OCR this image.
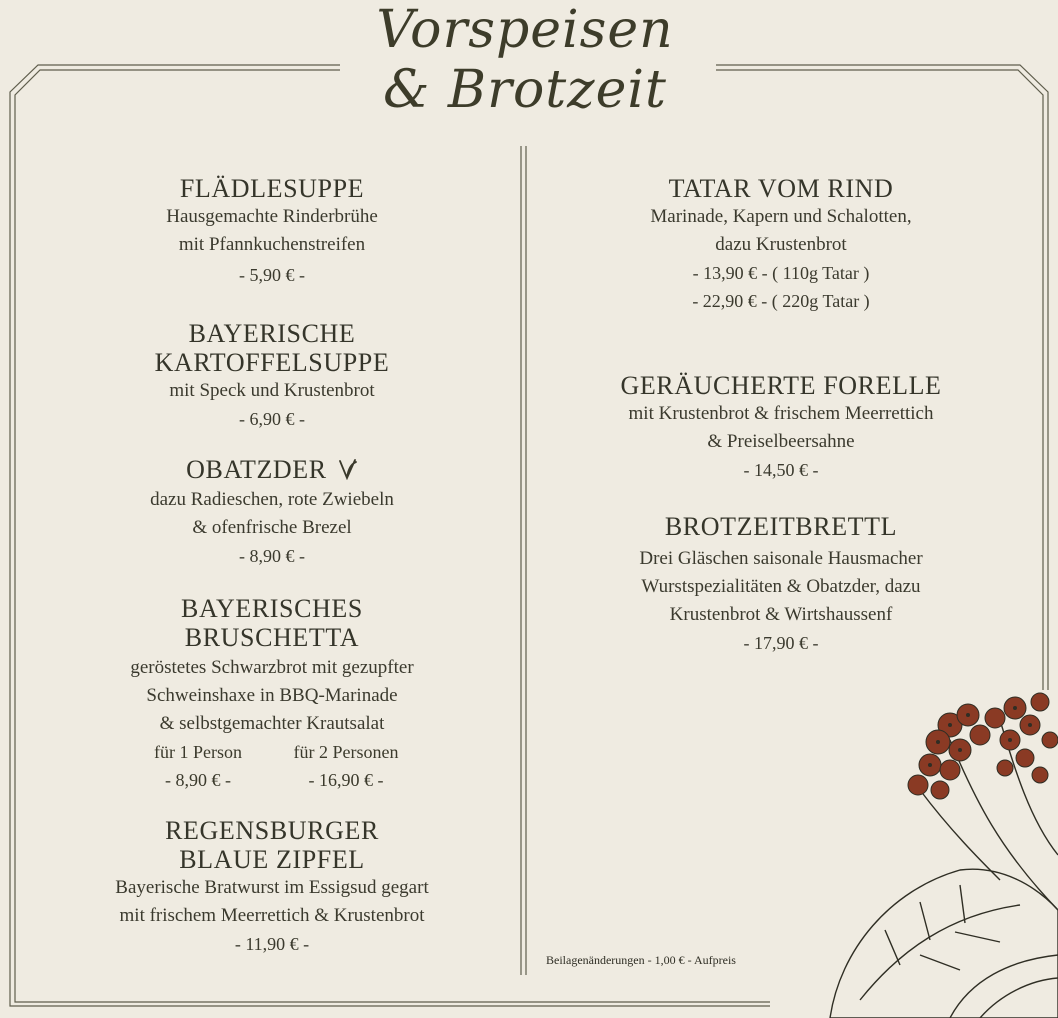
Vorspeisen
& Brotzeit
FLÄDLESUPPE
Hausgemachte Rinderbrühe
mit Pfannkuchenstreifen
- 5,90 € -
BAYERISCHE
KARTOFFELSUPPE
mit Speck und Krustenbrot
- 6,90 € -
OBATZDER
dazu Radieschen, rote Zwiebeln
& ofenfrische Brezel
- 8,90 € -
BAYERISCHES
BRUSCHETTA
geröstetes Schwarzbrot mit gezupfter
Schweinshaxe in BBQ-Marinade
& selbstgemachter Krautsalat
für 1 Person	für 2 Personen
- 8,90 € -	- 16,90 € -
REGENSBURGER
BLAUE ZIPFEL
Bayerische Bratwurst im Essigsud gegart
mit frischem Meerrettich & Krustenbrot
- 11,90 € -
TATAR VOM RIND
Marinade, Kapern und Schalotten,
dazu Krustenbrot
- 13,90 € - ( 110g Tatar )
- 22,90 € - ( 220g Tatar )
GERÄUCHERTE FORELLE
mit Krustenbrot & frischem Meerrettich
& Preiselbeersahne
- 14,50 € -
BROTZEITBRETTL
Drei Gläschen saisonale Hausmacher
Wurstspezialitäten & Obatzder, dazu
Krustenbrot & Wirtshaussenf
- 17,90 € -
Beilagenänderungen - 1,00 € - Aufpreis
